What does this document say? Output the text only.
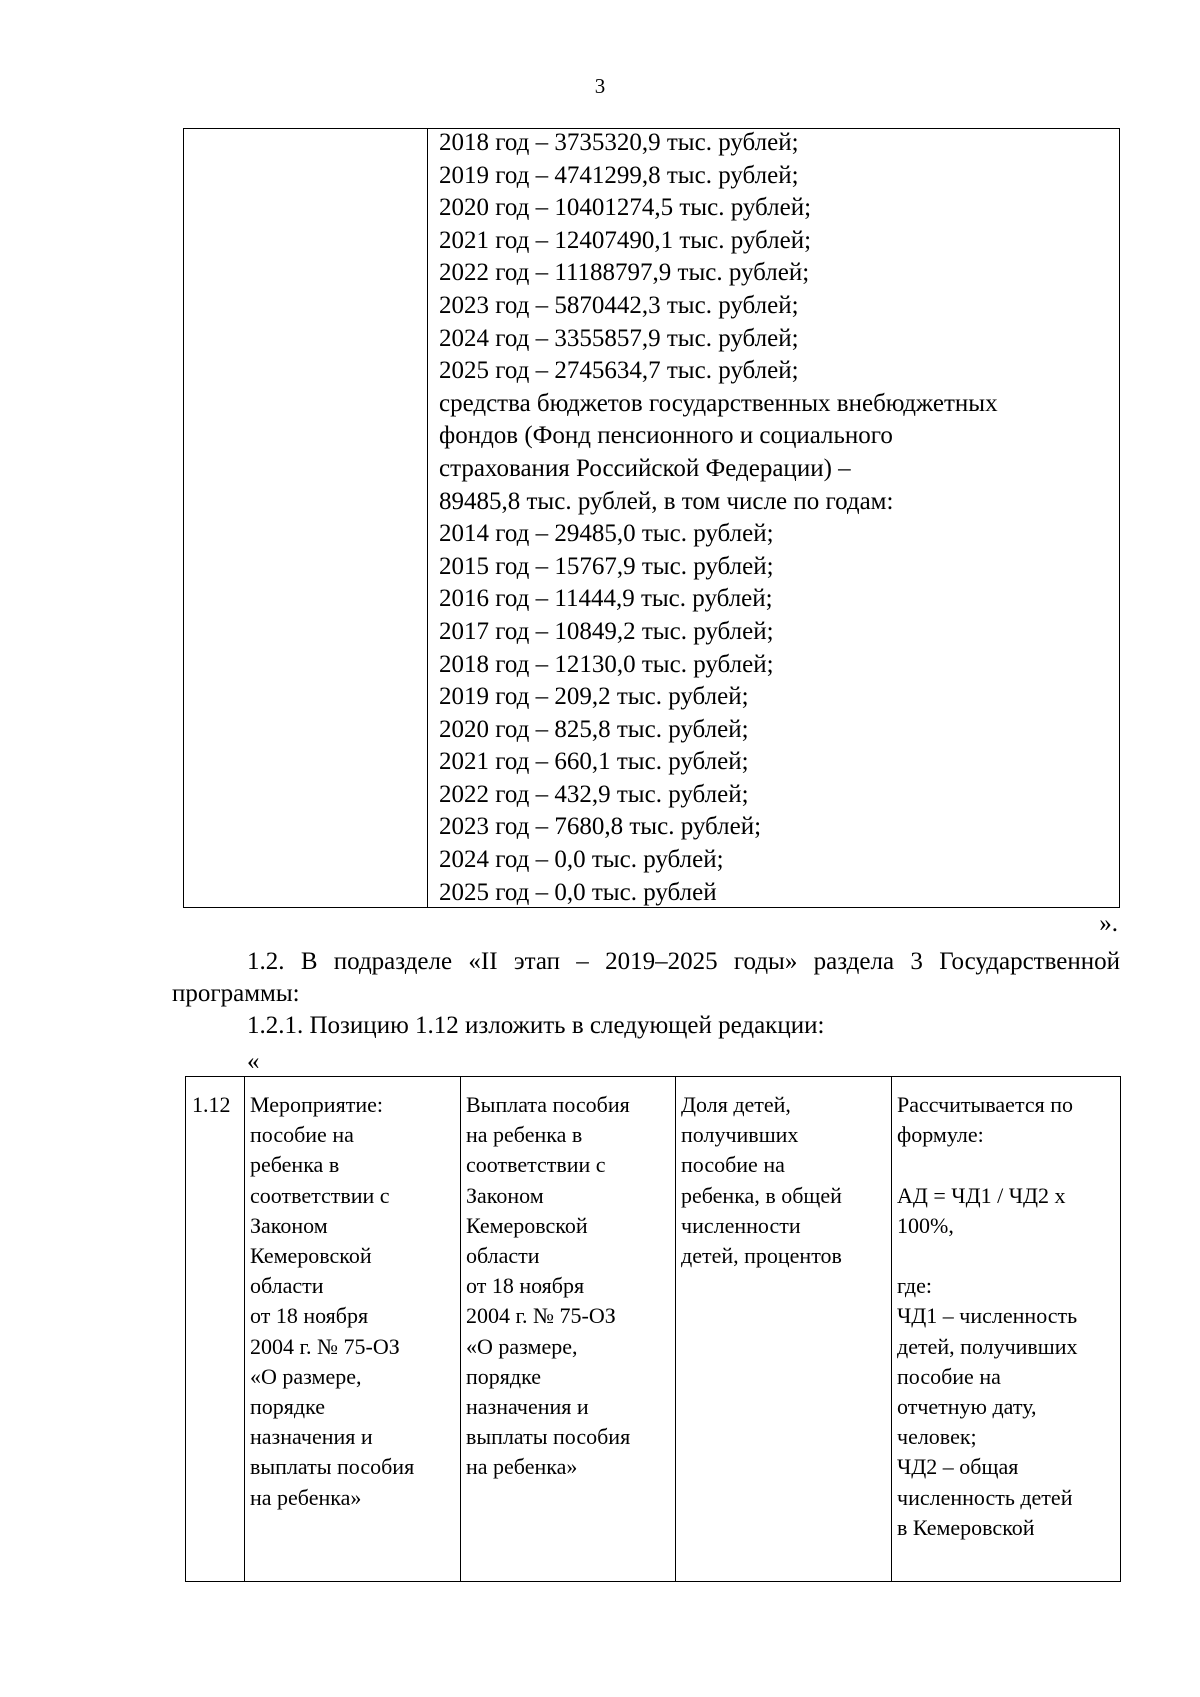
3
2018 год – 3735320,9 тыс. рублей;
2019 год – 4741299,8 тыс. рублей;
2020 год – 10401274,5 тыс. рублей;
2021 год – 12407490,1 тыс. рублей;
2022 год – 11188797,9 тыс. рублей;
2023 год – 5870442,3 тыс. рублей;
2024 год – 3355857,9 тыс. рублей;
2025 год – 2745634,7 тыс. рублей;
средства бюджетов государственных внебюджетных
фондов (Фонд пенсионного и социального
страхования Российской Федерации) –
89485,8 тыс. рублей, в том числе по годам:
2014 год – 29485,0 тыс. рублей;
2015 год – 15767,9 тыс. рублей;
2016 год – 11444,9 тыс. рублей;
2017 год – 10849,2 тыс. рублей;
2018 год – 12130,0 тыс. рублей;
2019 год – 209,2 тыс. рублей;
2020 год – 825,8 тыс. рублей;
2021 год – 660,1 тыс. рублей;
2022 год – 432,9 тыс. рублей;
2023 год – 7680,8 тыс. рублей;
2024 год – 0,0 тыс. рублей;
2025 год – 0,0 тыс. рублей
».
1.2. В подразделе «II этап – 2019–2025 годы» раздела 3 Государственной программы:
1.2.1. Позицию 1.12 изложить в следующей редакции:
«
1.12 Мероприятие:
пособие на
ребенка в
соответствии с
Законом
Кемеровской
области
от 18 ноября
2004 г. № 75-ОЗ
«О размере,
порядке
назначения и
выплаты пособия
на ребенка»
Выплата пособия
на ребенка в
соответствии с
Законом
Кемеровской
области
от 18 ноября
2004 г. № 75-ОЗ
«О размере,
порядке
назначения и
выплаты пособия
на ребенка»
Доля детей,
получивших
пособие на
ребенка, в общей
численности
детей, процентов
Рассчитывается по
формуле:

АД = ЧД1 / ЧД2 х
100%,

где:
ЧД1 – численность
детей, получивших
пособие на
отчетную дату,
человек;
ЧД2 – общая
численность детей
в Кемеровской
